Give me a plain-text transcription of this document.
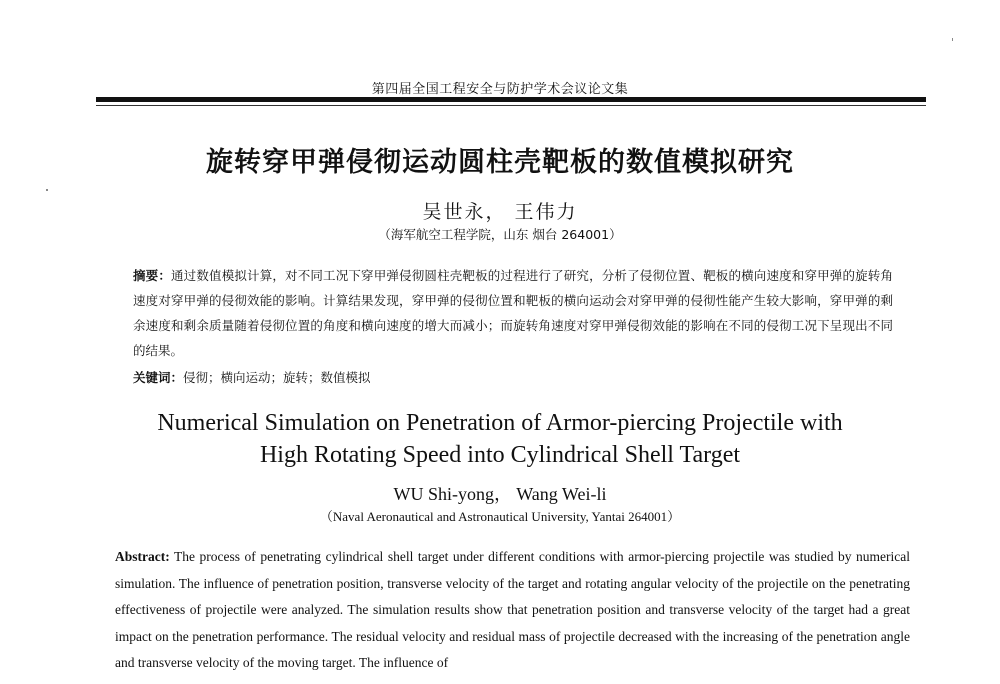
第四届全国工程安全与防护学术会议论文集
旋转穿甲弹侵彻运动圆柱壳靶板的数值模拟研究
吴世永， 王伟力
（海军航空工程学院，山东 烟台 264001）
摘要：通过数值模拟计算，对不同工况下穿甲弹侵彻圆柱壳靶板的过程进行了研究，分析了侵彻位置、靶板的横向速度和穿甲弹的旋转角速度对穿甲弹的侵彻效能的影响。计算结果发现，穿甲弹的侵彻位置和靶板的横向运动会对穿甲弹的侵彻性能产生较大影响，穿甲弹的剩余速度和剩余质量随着侵彻位置的角度和横向速度的增大而减小；而旋转角速度对穿甲弹侵彻效能的影响在不同的侵彻工况下呈现出不同的结果。
关键词：侵彻；横向运动；旋转；数值模拟
Numerical Simulation on Penetration of Armor-piercing Projectile with
High Rotating Speed into Cylindrical Shell Target
WU Shi-yong， Wang Wei-li
（Naval Aeronautical and Astronautical University, Yantai 264001）
Abstract: The process of penetrating cylindrical shell target under different conditions with armor-piercing projectile was studied by numerical simulation. The influence of penetration position, transverse velocity of the target and rotating angular velocity of the projectile on the penetrating effectiveness of projectile were analyzed. The simulation results show that penetration position and transverse velocity of the target had a great impact on the penetration performance. The residual velocity and residual mass of projectile decreased with the increasing of the penetration angle and transverse velocity of the moving target. The influence of
